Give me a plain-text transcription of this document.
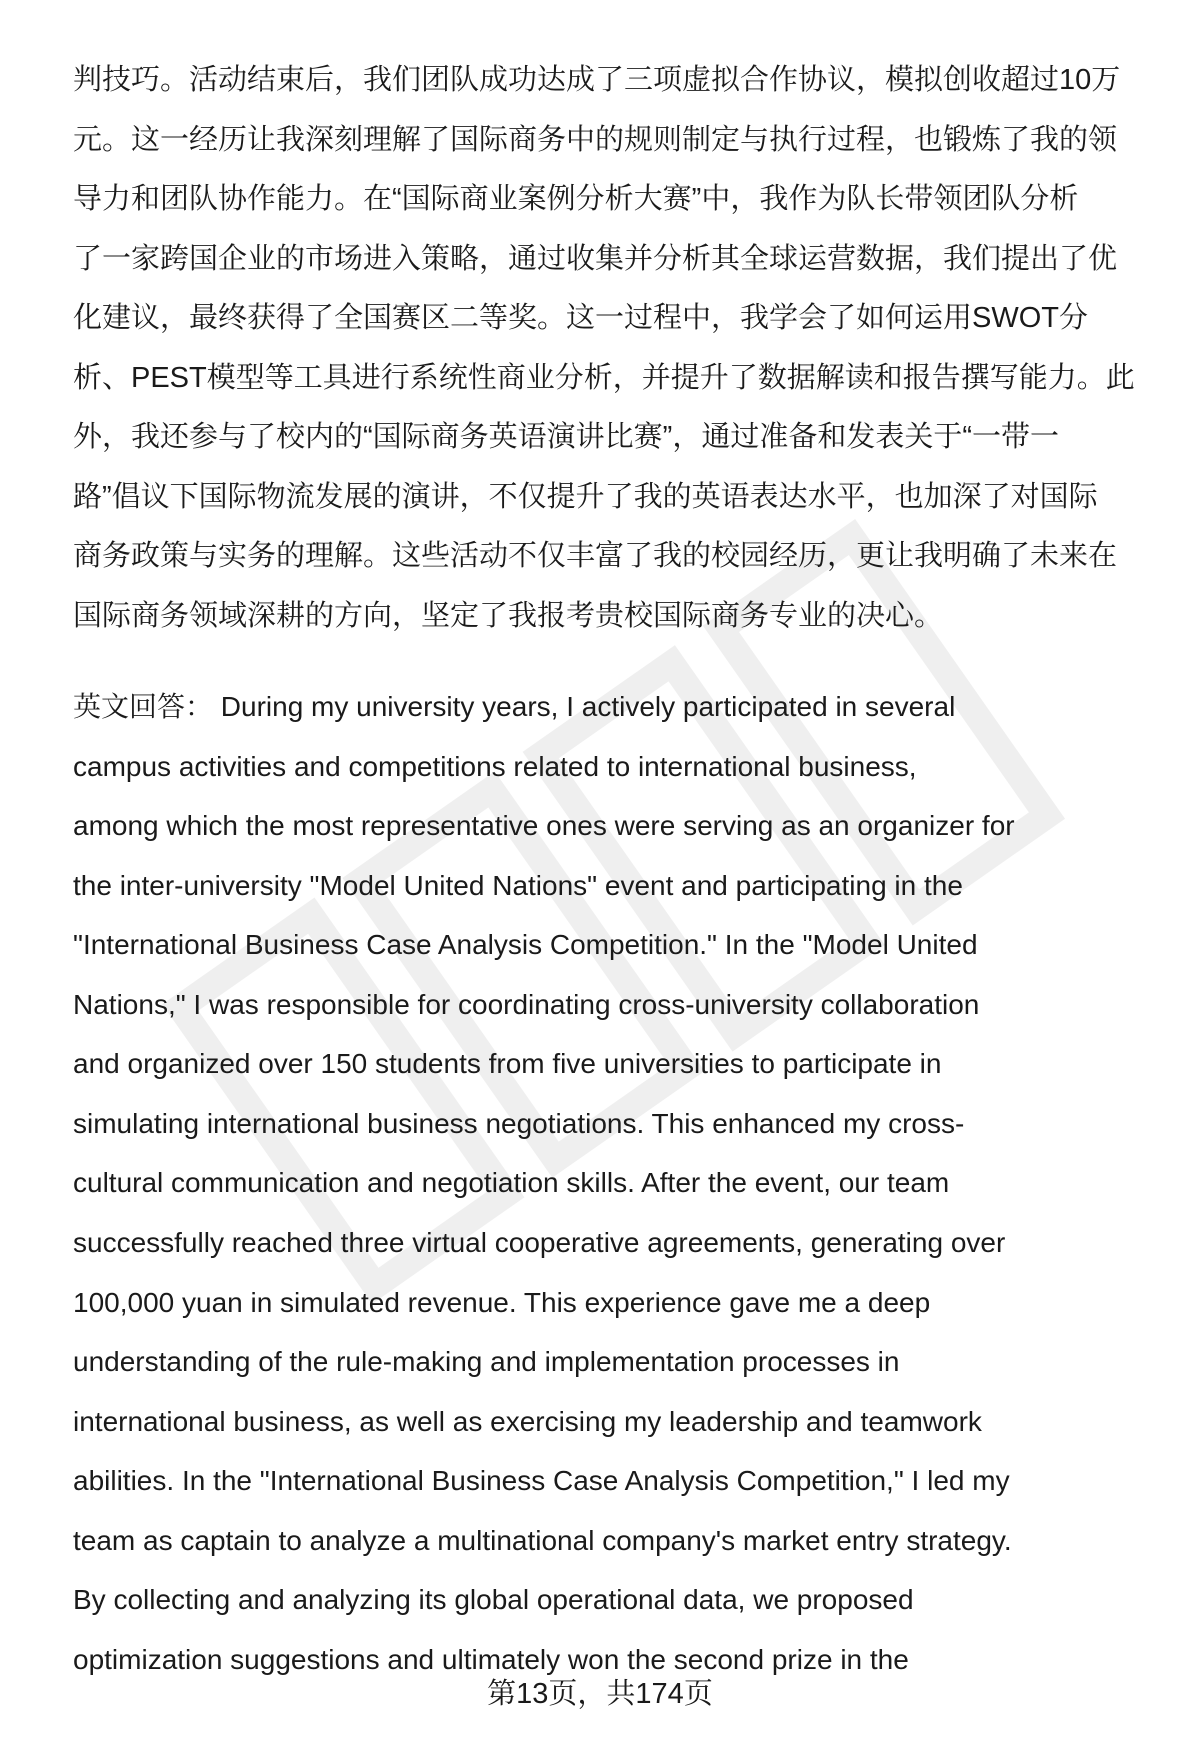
判技巧。活动结束后，我们团队成功达成了三项虚拟合作协议，模拟创收超过10万
元。这一经历让我深刻理解了国际商务中的规则制定与执行过程，也锻炼了我的领
导力和团队协作能力。在“国际商业案例分析大赛”中，我作为队长带领团队分析
了一家跨国企业的市场进入策略，通过收集并分析其全球运营数据，我们提出了优
化建议，最终获得了全国赛区二等奖。这一过程中，我学会了如何运用SWOT分
析、PEST模型等工具进行系统性商业分析，并提升了数据解读和报告撰写能力。此
外，我还参与了校内的“国际商务英语演讲比赛”，通过准备和发表关于“一带一
路”倡议下国际物流发展的演讲，不仅提升了我的英语表达水平，也加深了对国际
商务政策与实务的理解。这些活动不仅丰富了我的校园经历，更让我明确了未来在
国际商务领域深耕的方向，坚定了我报考贵校国际商务专业的决心。
英文回答： During my university years, I actively participated in several
campus activities and competitions related to international business,
among which the most representative ones were serving as an organizer for
the inter-university "Model United Nations" event and participating in the
"International Business Case Analysis Competition." In the "Model United
Nations," I was responsible for coordinating cross-university collaboration
and organized over 150 students from five universities to participate in
simulating international business negotiations. This enhanced my cross-
cultural communication and negotiation skills. After the event, our team
successfully reached three virtual cooperative agreements, generating over
100,000 yuan in simulated revenue. This experience gave me a deep
understanding of the rule-making and implementation processes in
international business, as well as exercising my leadership and teamwork
abilities. In the "International Business Case Analysis Competition," I led my
team as captain to analyze a multinational company's market entry strategy.
By collecting and analyzing its global operational data, we proposed
optimization suggestions and ultimately won the second prize in the
第13页，共174页
